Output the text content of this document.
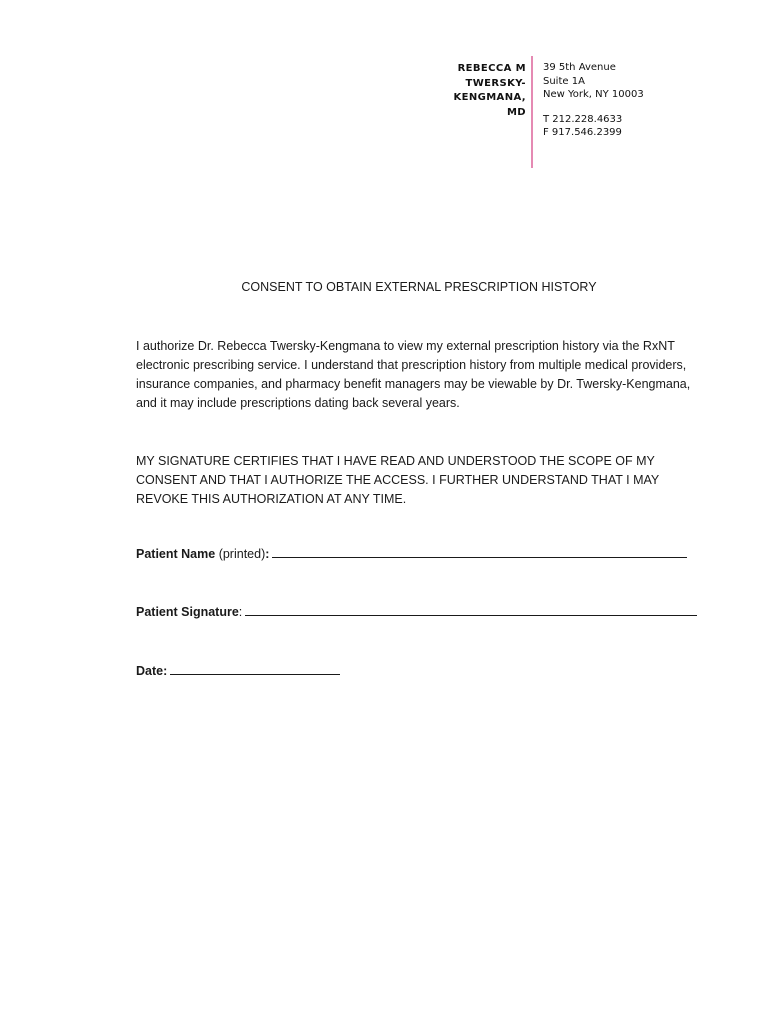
REBECCA M
TWERSKY-
KENGMANA,
MD
39 5th Avenue
Suite 1A
New York, NY 10003
T 212.228.4633
F 917.546.2399
CONSENT TO OBTAIN EXTERNAL PRESCRIPTION HISTORY
I authorize Dr. Rebecca Twersky-Kengmana to view my external prescription history via the RxNT electronic prescribing service. I understand that prescription history from multiple medical providers, insurance companies, and pharmacy benefit managers may be viewable by Dr. Twersky-Kengmana, and it may include prescriptions dating back several years.
MY SIGNATURE CERTIFIES THAT I HAVE READ AND UNDERSTOOD THE SCOPE OF MY CONSENT AND THAT I AUTHORIZE THE ACCESS. I FURTHER UNDERSTAND THAT I MAY REVOKE THIS AUTHORIZATION AT ANY TIME.
Patient Name (printed):
Patient Signature:
Date:
